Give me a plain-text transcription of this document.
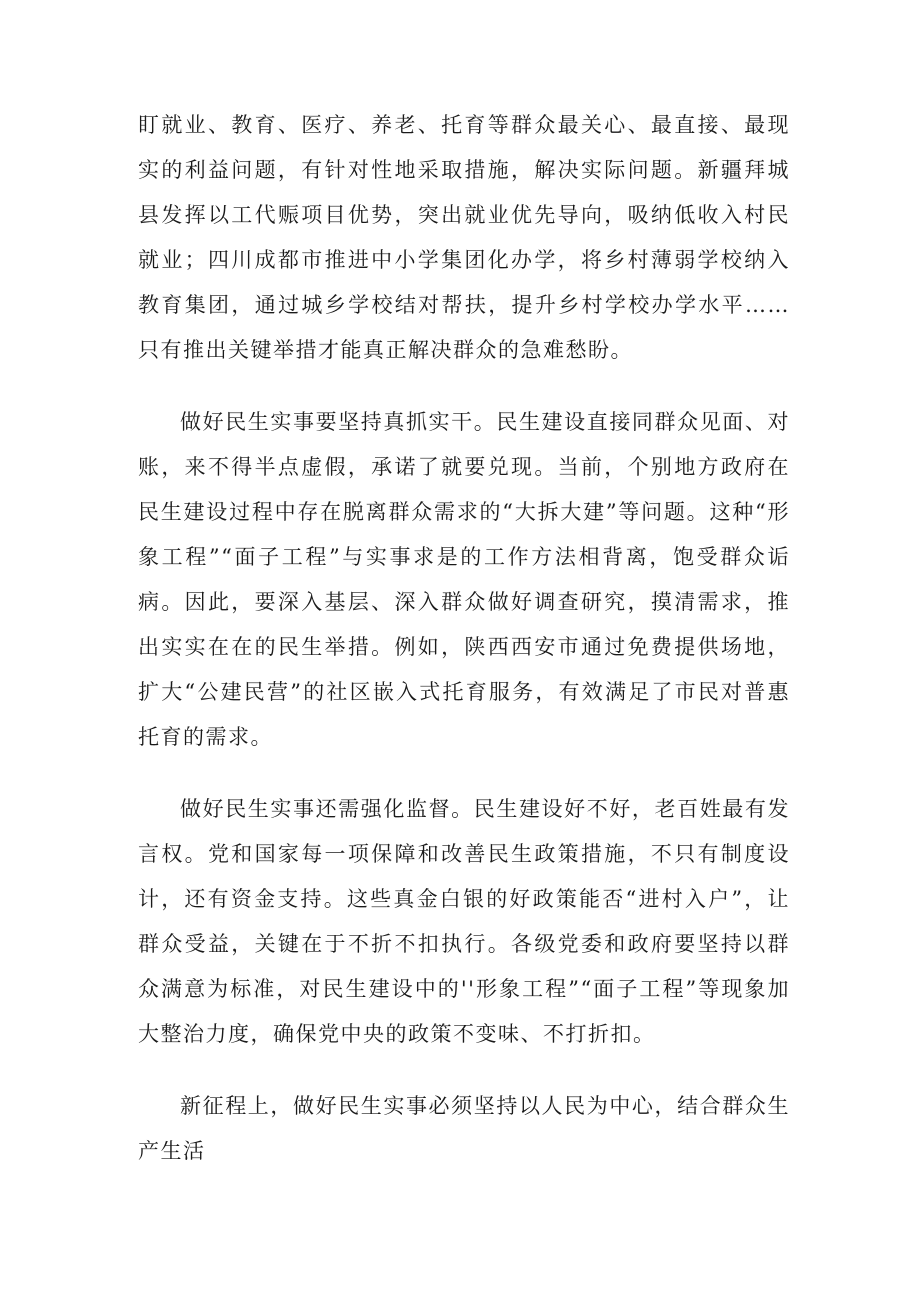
盯就业、教育、医疗、养老、托育等群众最关心、最直接、最现实的利益问题，有针对性地采取措施，解决实际问题。新疆拜城县发挥以工代赈项目优势，突出就业优先导向，吸纳低收入村民就业；四川成都市推进中小学集团化办学，将乡村薄弱学校纳入教育集团，通过城乡学校结对帮扶，提升乡村学校办学水平……只有推出关键举措才能真正解决群众的急难愁盼。

做好民生实事要坚持真抓实干。民生建设直接同群众见面、对账，来不得半点虚假，承诺了就要兑现。当前，个别地方政府在民生建设过程中存在脱离群众需求的“大拆大建”等问题。这种“形象工程”“面子工程”与实事求是的工作方法相背离，饱受群众诟病。因此，要深入基层、深入群众做好调查研究，摸清需求，推出实实在在的民生举措。例如，陕西西安市通过免费提供场地，扩大“公建民营”的社区嵌入式托育服务，有效满足了市民对普惠托育的需求。

做好民生实事还需强化监督。民生建设好不好，老百姓最有发言权。党和国家每一项保障和改善民生政策措施，不只有制度设计，还有资金支持。这些真金白银的好政策能否“进村入户”，让群众受益，关键在于不折不扣执行。各级党委和政府要坚持以群众满意为标准，对民生建设中的''形象工程”“面子工程”等现象加大整治力度，确保党中央的政策不变味、不打折扣。

新征程上，做好民生实事必须坚持以人民为中心，结合群众生产生活
